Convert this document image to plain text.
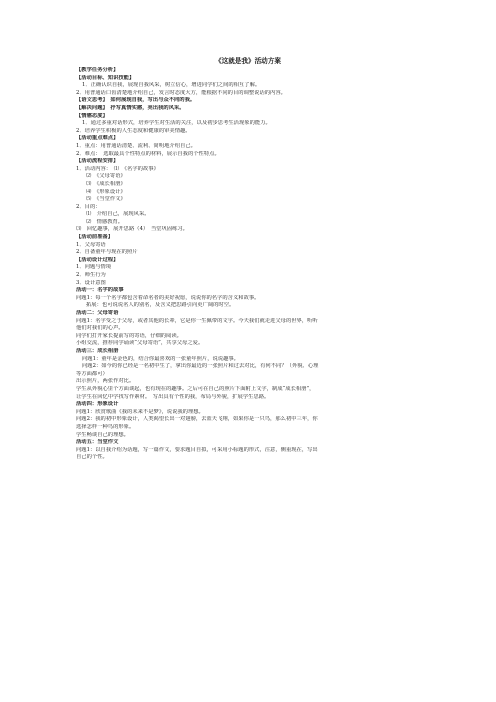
《这就是我》活动方案
【教学任务分析】
【活动目标、知识技能】
1．正确认识自我，展现自我风采，树立信心，增进同学们之间的相互了解。
2．用普通话口齿清楚地介绍自己，发言时态度大方，能根据不同的目的调整说话的内容。
【语文思考】　如何展现自我，写出与众不同的我。
【解决问题】　抒写真情实感，亮出我的风采。
【情感态度】
1．通过多重对话形式，培养学生对生活的关注，以及初步思考生活现象的能力。
2．培养学生积极的人生态度和健康的审美情趣。
【活动重点难点】
1．重点：用普通话清楚、流利、简明地介绍自己。
2．难点：　选取最具个性特点的材料，展示自我的个性特点。
【活动流程安排】
1．活动内容：　⑴　《名字的故事》
⑵　《父母寄语》
⑶　《成长相册》
⑷　《形象设计》
⑸　《当堂作文》
2．目的：
⑴　介绍自己，展现风采。
⑵　情感教育。
⑶　回忆趣事，展开思路（4）　当堂巩固练习。
【活动前准备】
1．父母寄语
2．自备童年与现在的照片
【活动设计过程】
1．问题与情境
2．师生行为
3．设计意图
活动一：名字的故事
问题1：每一个名字都包含着命名者的美好祝愿，说说你的名字的含义和故事。
拓展：也可说说名人的别名，及含义把思路引向更广阔的时空。
活动二：父母寄语
问题1：名字受之于父母，或者其他的长辈，它是你一生佩带的文字。今天我们就走进父母的世界，听听
他们对我们的心声。
同学们打开家长提前写的寄语，仔细的阅读。
小组交流，推荐同学诵读“父母寄语”，共享父母之爱。
活动三：成长相册
问题1：童年是金色的，结合你最喜欢的一张童年照片，说说趣事。
问题2：如今的你已经是一名初中生了，拿出你最近的一张照片和过去对比，有何不同？（外貌、心理
等方面都可）
出示照片，两张作对比。
学生从外貌心里个方面谈起，也有现在的趣事。之后可在自己的照片下面附上文字，制成“成长相册”，
让学生在回忆中学找写作素材。　写出具有个性的我，布局与外貌，扩展学生思路。
活动四：形象设计
问题1：欣赏歌曲《我的未来不是梦》，说说我的理想。
问题2：我的初中形象设计，人类渴望长出一对翅膀，去蓝天飞翔，如果你是一只鸟，那么初中三年，你
选择怎样一种鸟的形象。
学生畅谈自己的理想。
活动五：当堂作文
问题1：以自我介绍为话题，写一篇作文，要求题目自拟，可采用小标题的形式，注意，侧重现在，写出
自己的个性。
